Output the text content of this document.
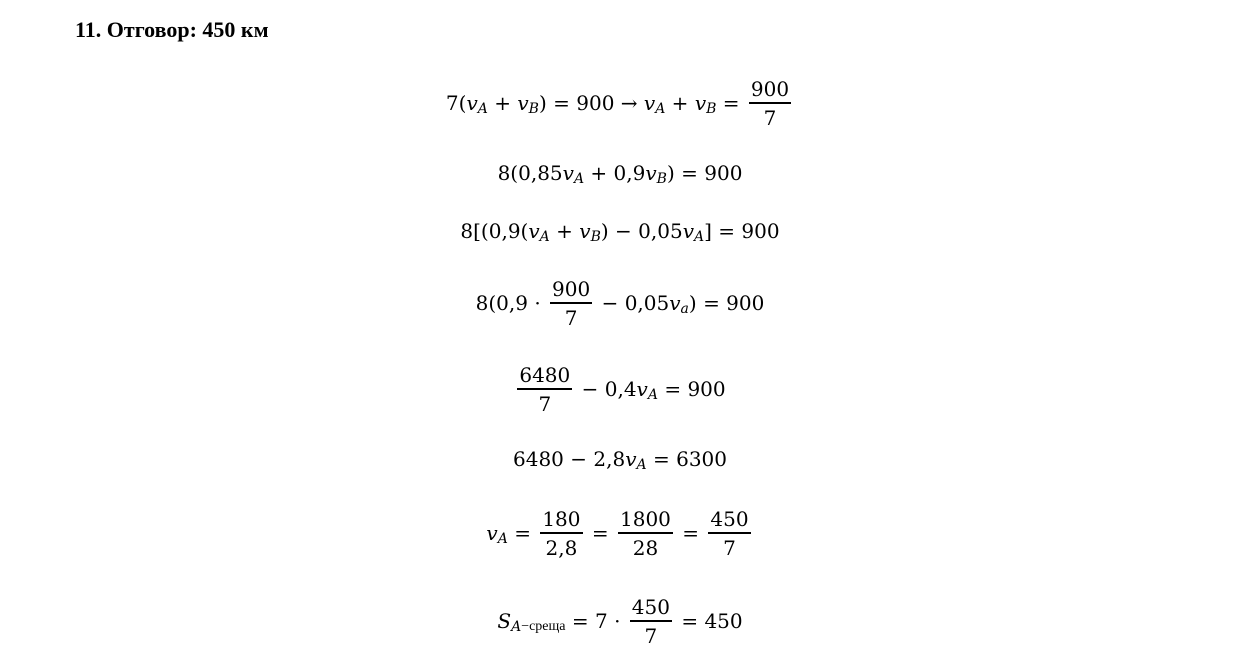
11. Отговор: 450 км
7( v A + v B ) = 900 → v A + v $B = \frac{900}{7}$
8(0,85 v A + 0,9 v B ) = 900
8[(0,9( v A + v B ) − 0,05 v A ] = 900
$8(0,9 \cdot \frac{900}{7} - 0,05$ v a ) = 900
$\frac{6480}{7} - 0,4$ v A = 900
6480 − 2,8 v A = 6300
v $A = \frac{180}{2,8} = \frac{1800}{28} = \frac{450}{7}$
S A −среща = $7 \cdot \frac{450}{7} = 450$
